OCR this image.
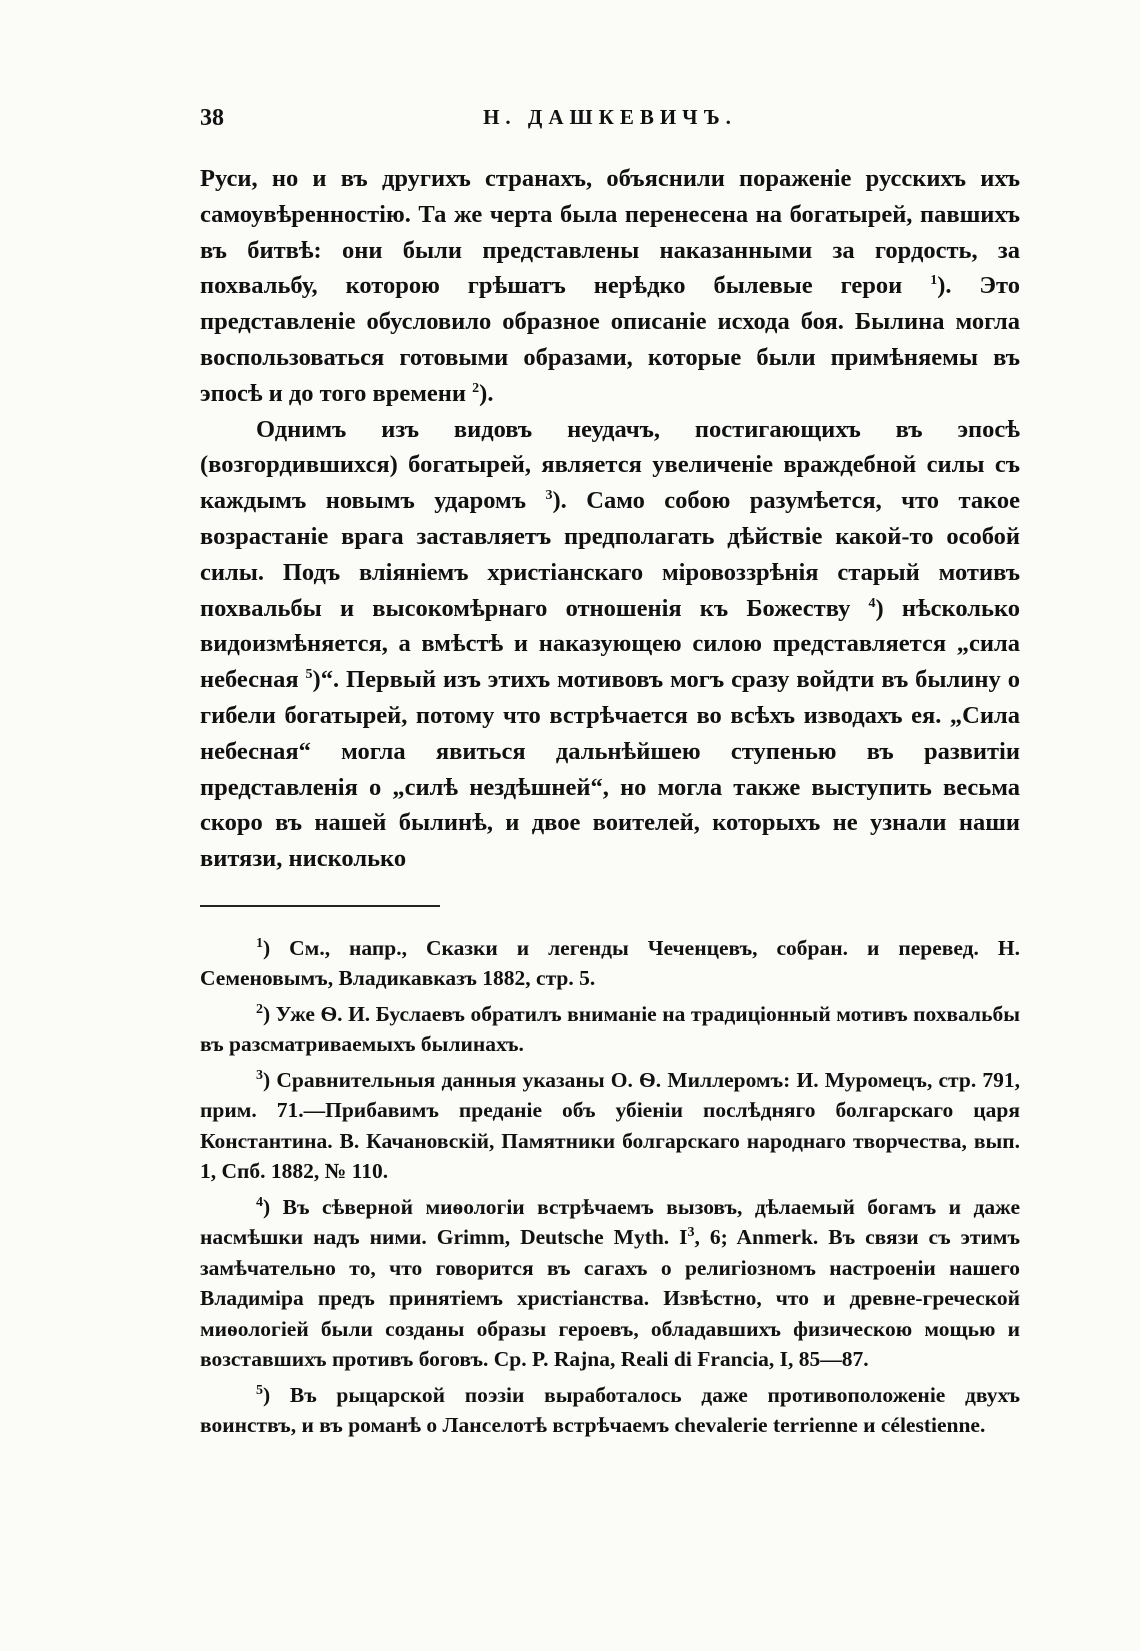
38	Н. ДАШКЕВИЧЪ.

Руси, но и въ другихъ странахъ, объяснили пораженіе русскихъ ихъ самоувѣренностію. Та же черта была перенесена на богатырей, павшихъ въ битвѣ: они были представлены наказанными за гордость, за похвальбу, которою грѣшатъ нерѣдко былевые герои $^1$). Это представленіе обусловило образное описаніе исхода боя. Былина могла воспользоваться готовыми образами, которые были примѣняемы въ эпосѣ и до того времени $^2$).

Однимъ изъ видовъ неудачъ, постигающихъ въ эпосѣ (возгордившихся) богатырей, является увеличеніе враждебной силы съ каждымъ новымъ ударомъ $^3$). Само собою разумѣется, что такое возрастаніе врага заставляетъ предполагать дѣйствіе какой-то особой силы. Подъ вліяніемъ христіанскаго міровоззрѣнія старый мотивъ похвальбы и высокомѣрнаго отношенія къ Божеству $^4$) нѣсколько видоизмѣняется, а вмѣстѣ и наказующею силою представляется „сила небесная $^5$)“. Первый изъ этихъ мотивовъ могъ сразу войдти въ былину о гибели богатырей, потому что встрѣчается во всѣхъ изводахъ ея. „Сила небесная“ могла явиться дальнѣйшею ступенью въ развитіи представленія о „силѣ нездѣшней“, но могла также выступить весьма скоро въ нашей былинѣ, и двое воителей, которыхъ не узнали наши витязи, нисколько

$^1$) См., напр., Сказки и легенды Чеченцевъ, собран. и перевед. Н. Семеновымъ, Владикавказъ 1882, стр. 5.

$^2$) Уже Ѳ. И. Буслаевъ обратилъ вниманіе на традиціонный мотивъ похвальбы въ разсматриваемыхъ былинахъ.

$^3$) Сравнительныя данныя указаны О. Ѳ. Миллеромъ: И. Муромецъ, стр. 791, прим. 71.—Прибавимъ преданіе объ убіеніи послѣдняго болгарскаго царя Константина. В. Качановскій, Памятники болгарскаго народнаго творчества, вып. 1, Спб. 1882, № 110.

$^4$) Въ сѣверной миѳологіи встрѣчаемъ вызовъ, дѣлаемый богамъ и даже насмѣшки надъ ними. Grimm, Deutsche Myth. $I^3$, 6; Anmerk. Въ связи съ этимъ замѣчательно то, что говорится въ сагахъ о религіозномъ настроеніи нашего Владиміра предъ принятіемъ христіанства. Извѣстно, что и древне-греческой миѳологіей были созданы образы героевъ, обладавшихъ физическою мощью и возставшихъ противъ боговъ. Ср. P. Rajna, Reali di Francia, I, 85—87.

$^5$) Въ рыцарской поэзіи выработалось даже противоположеніе двухъ воинствъ, и въ романѣ о Ланселотѣ встрѣчаемъ chevalerie terrienne и célestienne.
